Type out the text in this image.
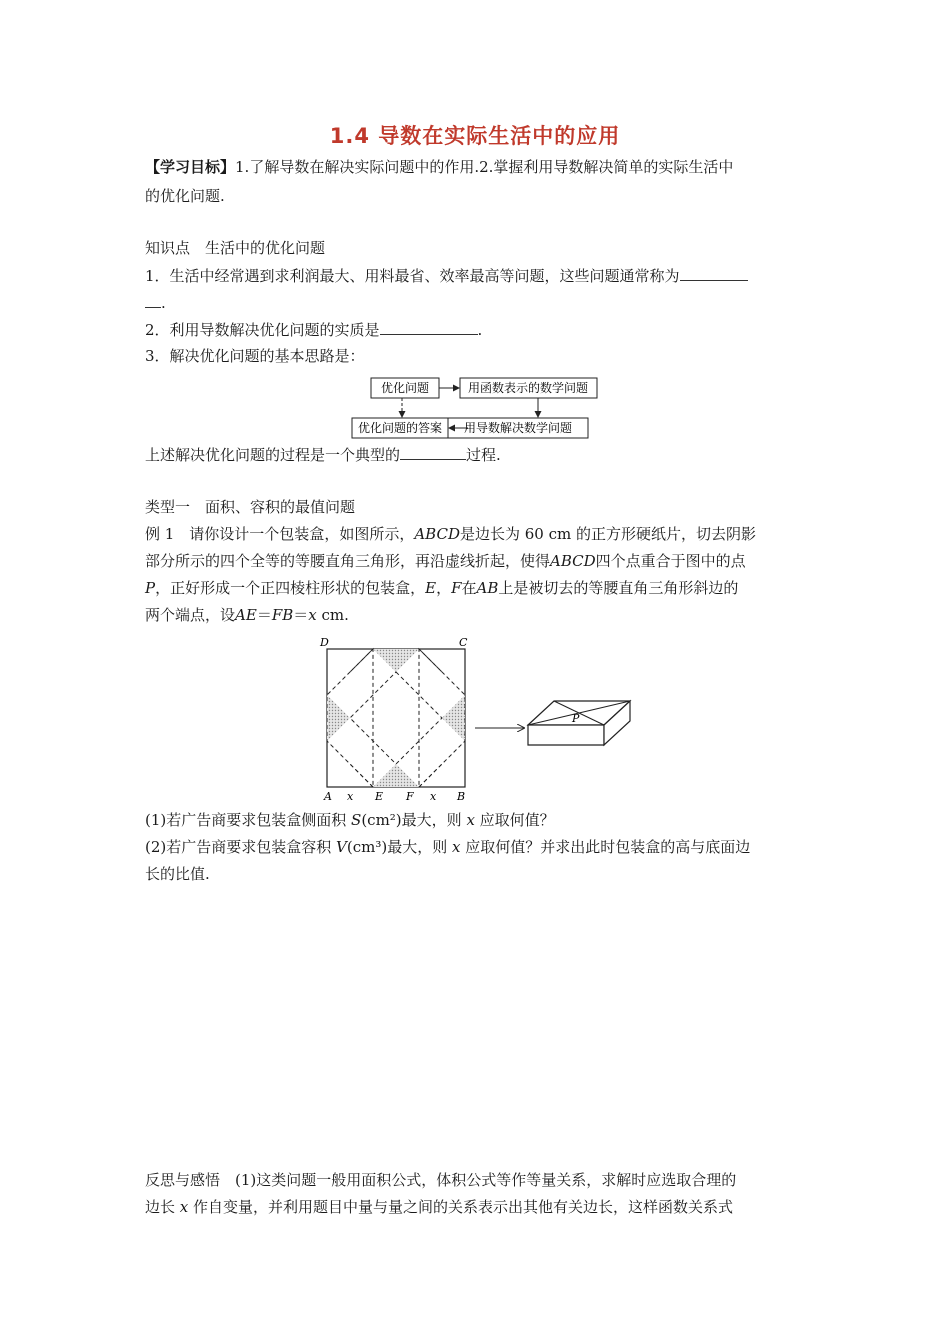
1.4 导数在实际生活中的应用
【学习目标】1.了解导数在解决实际问题中的作用.2.掌握利用导数解决简单的实际生活中
的优化问题.
知识点　生活中的优化问题
1．生活中经常遇到求利润最大、用料最省、效率最高等问题，这些问题通常称为
.
2．利用导数解决优化问题的实质是	.
3．解决优化问题的基本思路是：
优化问题	用函数表示的数学问题
用导数解决数学问题
优化问题的答案
上述解决优化问题的过程是一个典型的	过程.
类型一　面积、容积的最值问题
例 1　请你设计一个包装盒，如图所示，ABCD是边长为 60 cm 的正方形硬纸片，切去阴影
部分所示的四个全等的等腰直角三角形，再沿虚线折起，使得ABCD四个点重合于图中的点
P，正好形成一个正四棱柱形状的包装盒，E，F在AB上是被切去的等腰直角三角形斜边的
两个端点，设AE＝FB＝x cm.
D	C
A x E F x B
P
(1)若广告商要求包装盒侧面积 S(cm²)最大，则 x 应取何值？
(2)若广告商要求包装盒容积 V(cm³)最大，则 x 应取何值？并求出此时包装盒的高与底面边
长的比值.
反思与感悟　(1)这类问题一般用面积公式，体积公式等作等量关系，求解时应选取合理的
边长 x 作自变量，并利用题目中量与量之间的关系表示出其他有关边长，这样函数关系式
